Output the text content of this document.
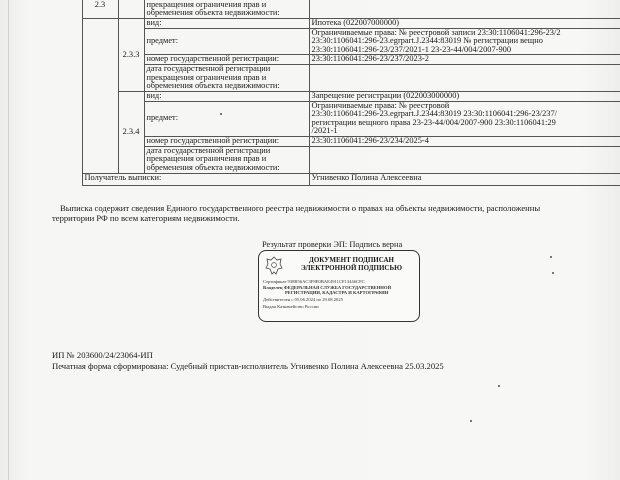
	2.3		прекращения ограничения прав и обременения объекта недвижимости:	
		2.3.3	вид:	Ипотека (022007000000)
		предмет:	Ограничиваемые права: № реестровой записи 23:30:1106041:296-23/2
23:30:1106041:296-23.egrpart.J.2344:83019 № регистрации вещно
23:30:1106041:296-23/237/2021-1 23-23-44/004/2007-900

		номер государственной регистрации:	23:30:1106041:296-23/237/2023-2
		дата государственной регистрации прекращения ограничения прав и обременения объекта недвижимости:	
		2.3.4	вид:	Запрещение регистрации (022003000000)
		предмет:	Ограничиваемые права: № реестровой
23:30:1106041:296-23.egrpart.J.2344:83019 23:30:1106041:296-23/237/
регистрации вещного права 23-23-44/004/2007-900 23:30:1106041:29
/2021-1

		номер государственной регистрации:	23:30:1106041:296-23/234/2025-4
		дата государственной регистрации прекращения ограничения прав и обременения объекта недвижимости:	
	Получатель выписки:			Угнивенко Полина Алексеевна
Выписка содержит сведения Единого государственного реестра недвижимости о правах на объекты недвижимости, расположенны
территории РФ по всем категориям недвижимости.
Результат проверки ЭП: Подпись верна
ДОКУМЕНТ ПОДПИСАН
ЭЛЕКТРОННОЙ ПОДПИСЬЮ
Сертификат 938B56AC3F8E0BAE4911CF13446CFC
Владелец ФЕДЕРАЛЬНАЯ СЛУЖБА ГОСУДАРСТВЕННОЙ
РЕГИСТРАЦИИ, КАДАСТРА И КАРТОГРАФИИ
Действителен с 05.06.2024 по 29.08.2025
Выдан Казначейство России
ИП № 203600/24/23064-ИП
Печатная форма сформирована: Судебный пристав-исполнитель Угнивенко Полина Алексеевна 25.03.2025
